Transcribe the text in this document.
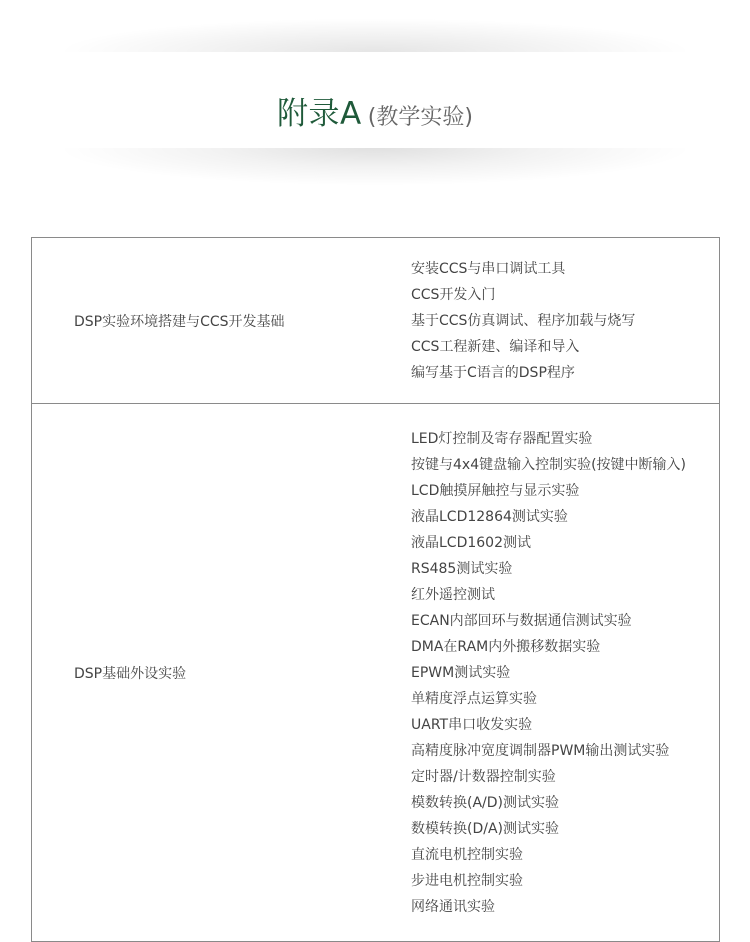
附录A (教学实验)
DSP实验环境搭建与CCS开发基础
安装CCS与串口调试工具
CCS开发入门
基于CCS仿真调试、程序加载与烧写
CCS工程新建、编译和导入
编写基于C语言的DSP程序
DSP基础外设实验
LED灯控制及寄存器配置实验
按键与4x4键盘输入控制实验(按键中断输入)
LCD触摸屏触控与显示实验
液晶LCD12864测试实验
液晶LCD1602测试
RS485测试实验
红外遥控测试
ECAN内部回环与数据通信测试实验
DMA在RAM内外搬移数据实验
EPWM测试实验
单精度浮点运算实验
UART串口收发实验
高精度脉冲宽度调制器PWM输出测试实验
定时器/计数器控制实验
模数转换(A/D)测试实验
数模转换(D/A)测试实验
直流电机控制实验
步进电机控制实验
网络通讯实验
